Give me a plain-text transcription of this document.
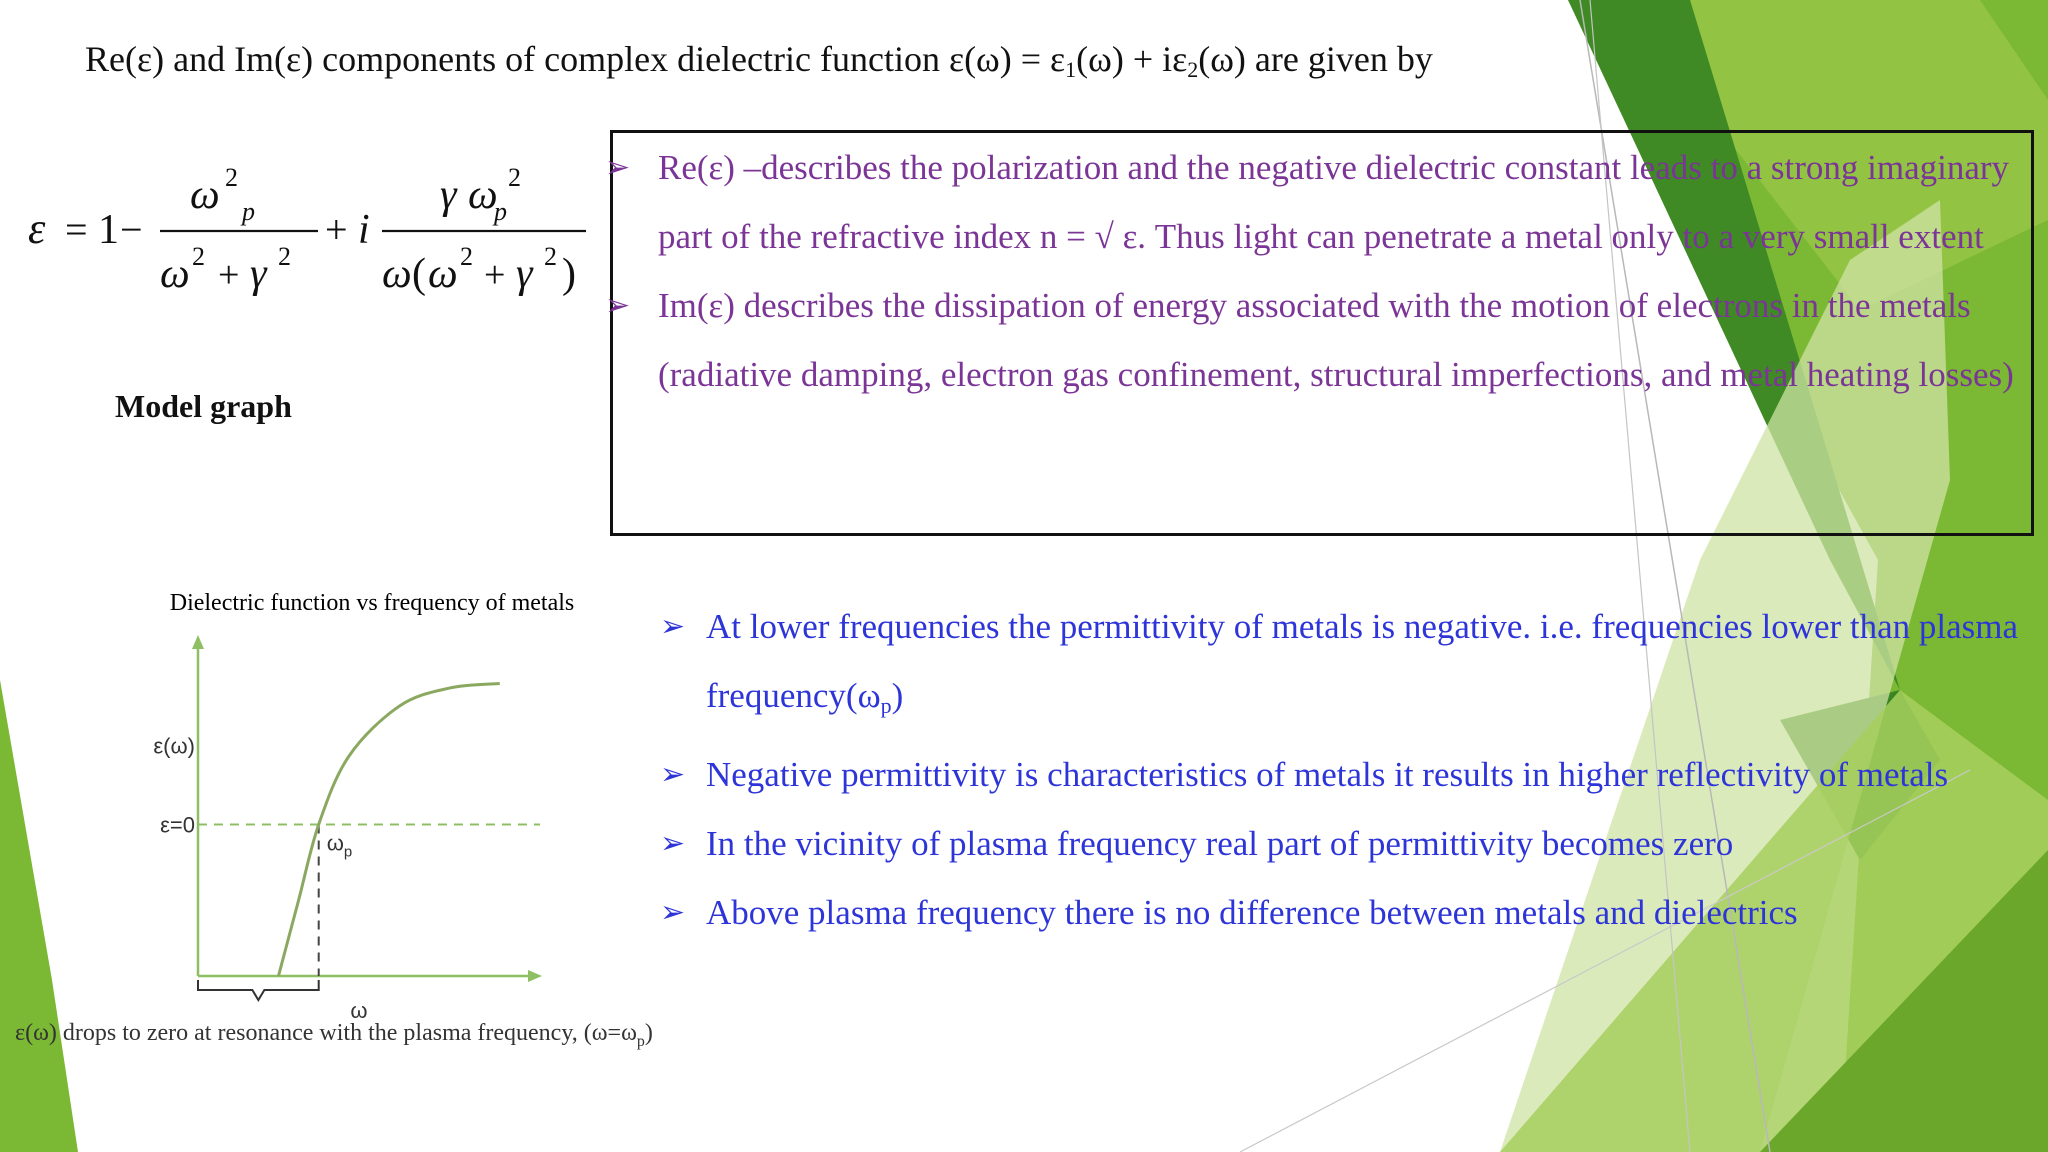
Re(ε) and Im(ε) components of complex dielectric function $\varepsilon(\omega) = \varepsilon_1(\omega) + i\varepsilon_2(\omega)$ are given by
ε = 1 −
ω 2
p
ω 2 + γ 2
+ i
γ ω
p
2
ω ( ω 2 + γ 2 )
Model graph
➢ Re(ε) –describes the polarization and the negative dielectric constant leads to a strong imaginary part of the refractive index n = √ ε. Thus light can penetrate a metal only to a very small extent
➢ Im(ε) describes the dissipation of energy associated with the motion of electrons in the metals (radiative damping, electron gas confinement, structural imperfections, and metal heating losses)
➢ At lower frequencies the permittivity of metals is negative. i.e. frequencies lower than plasma $frequency(\omega_p)$
➢ Negative permittivity is characteristics of metals it results in higher reflectivity of metals
➢ In the vicinity of plasma frequency real part of permittivity becomes zero
➢ Above plasma frequency there is no difference between metals and dielectrics
Dielectric function vs frequency of metals
ε(ω)
ε=0
ω
$\omega_p$
ε(ω) drops to zero at resonance with the plasma frequency, $(\omega=\omega_p)$
